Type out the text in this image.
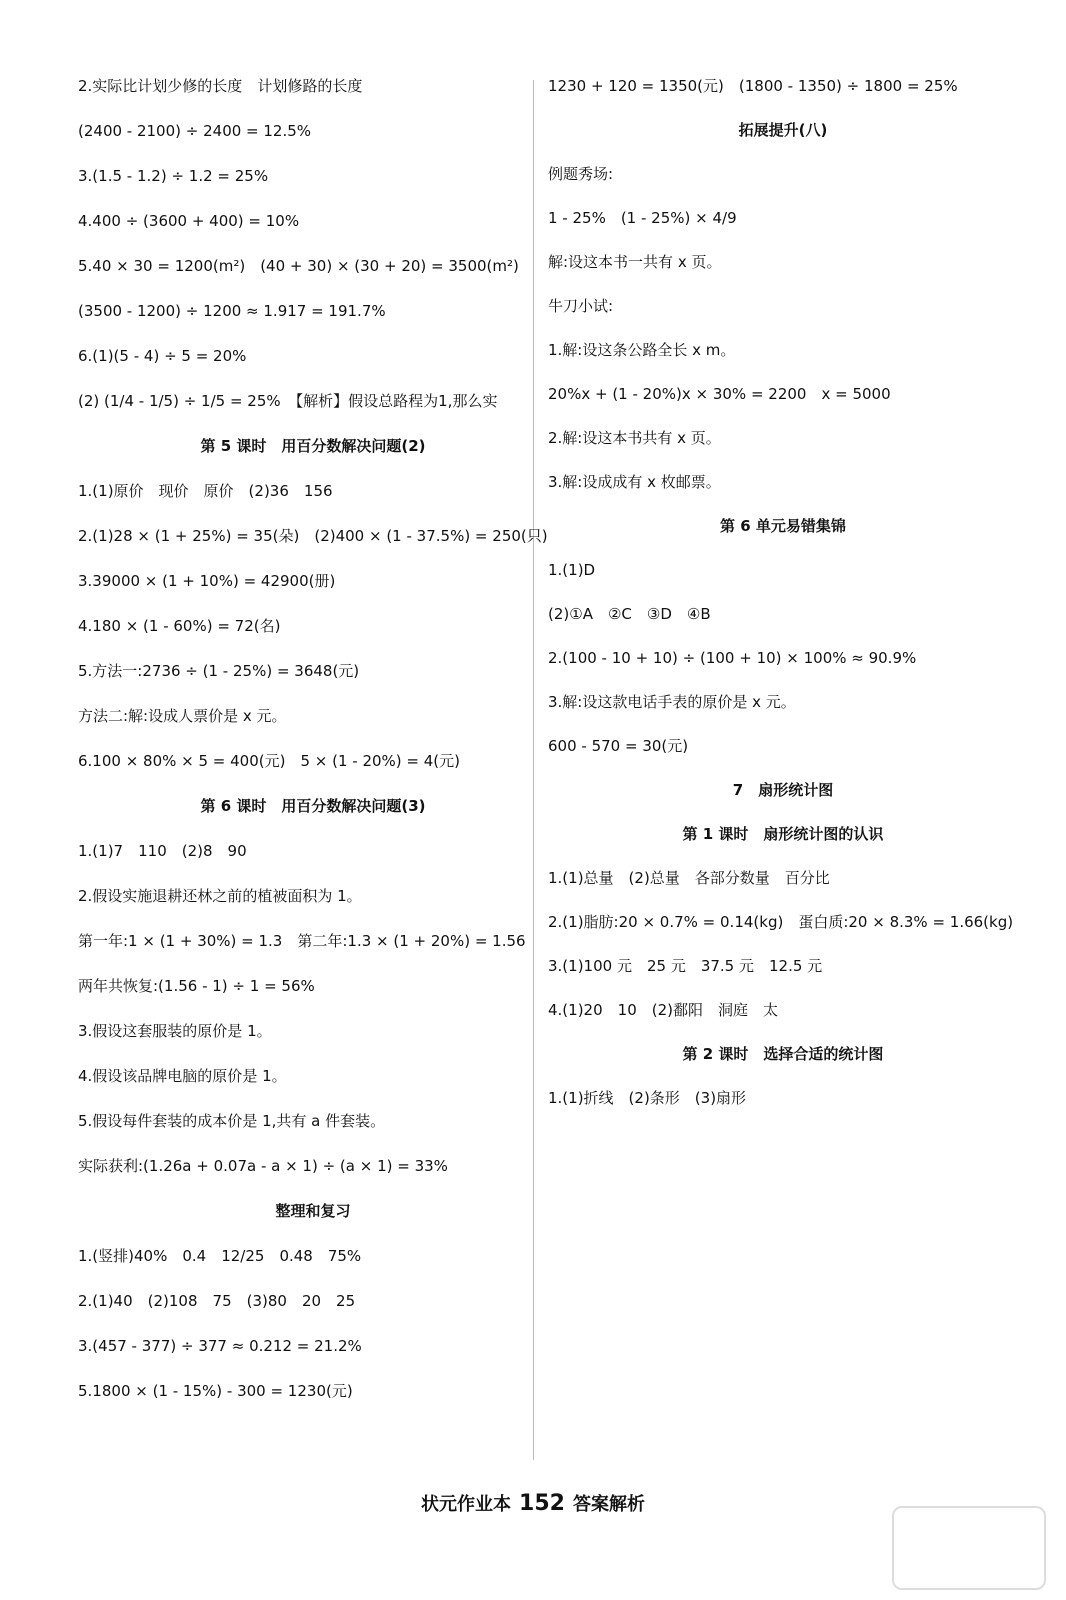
2.实际比计划少修的长度　计划修路的长度
(2400 - 2100) ÷ 2400 = 12.5%
3.(1.5 - 1.2) ÷ 1.2 = 25%
4.400 ÷ (3600 + 400) = 10%
5.40 × 30 = 1200(m²)　(40 + 30) × (30 + 20) = 3500(m²)
(3500 - 1200) ÷ 1200 ≈ 1.917 = 191.7%
6.(1)(5 - 4) ÷ 5 = 20%
(2) (1/4 - 1/5) ÷ 1/5 = 25%　【解析】假设总路程为1,那么实
第 5 课时　用百分数解决问题(2)
1.(1)原价　现价　原价　(2)36　156
2.(1)28 × (1 + 25%) = 35(朵)　(2)400 × (1 - 37.5%) = 250(只)
3.39000 × (1 + 10%) = 42900(册)
4.180 × (1 - 60%) = 72(名)
5.方法一:2736 ÷ (1 - 25%) = 3648(元)
方法二:解:设成人票价是 x 元。
6.100 × 80% × 5 = 400(元)　5 × (1 - 20%) = 4(元)
第 6 课时　用百分数解决问题(3)
1.(1)7　110　(2)8　90
2.假设实施退耕还林之前的植被面积为 1。
第一年:1 × (1 + 30%) = 1.3　第二年:1.3 × (1 + 20%) = 1.56
两年共恢复:(1.56 - 1) ÷ 1 = 56%
3.假设这套服装的原价是 1。
4.假设该品牌电脑的原价是 1。
5.假设每件套装的成本价是 1,共有 a 件套装。
实际获利:(1.26a + 0.07a - a × 1) ÷ (a × 1) = 33%
整理和复习
1.(竖排)40%　0.4　12/25　0.48　75%
2.(1)40　(2)108　75　(3)80　20　25
3.(457 - 377) ÷ 377 ≈ 0.212 = 21.2%
5.1800 × (1 - 15%) - 300 = 1230(元)
1230 + 120 = 1350(元)　(1800 - 1350) ÷ 1800 = 25%
拓展提升(八)
例题秀场:
1 - 25%　(1 - 25%) × 4/9
解:设这本书一共有 x 页。
牛刀小试:
1.解:设这条公路全长 x m。
20%x + (1 - 20%)x × 30% = 2200　x = 5000
2.解:设这本书共有 x 页。
3.解:设成成有 x 枚邮票。
第 6 单元易错集锦
1.(1)D
(2)①A　②C　③D　④B
2.(100 - 10 + 10) ÷ (100 + 10) × 100% ≈ 90.9%
3.解:设这款电话手表的原价是 x 元。
600 - 570 = 30(元)
7　扇形统计图
第 1 课时　扇形统计图的认识
1.(1)总量　(2)总量　各部分数量　百分比
2.(1)脂肪:20 × 0.7% = 0.14(kg)　蛋白质:20 × 8.3% = 1.66(kg)
3.(1)100 元　25 元　37.5 元　12.5 元
4.(1)20　10　(2)鄱阳　洞庭　太
第 2 课时　选择合适的统计图
1.(1)折线　(2)条形　(3)扇形
状元作业本 152 答案解析
